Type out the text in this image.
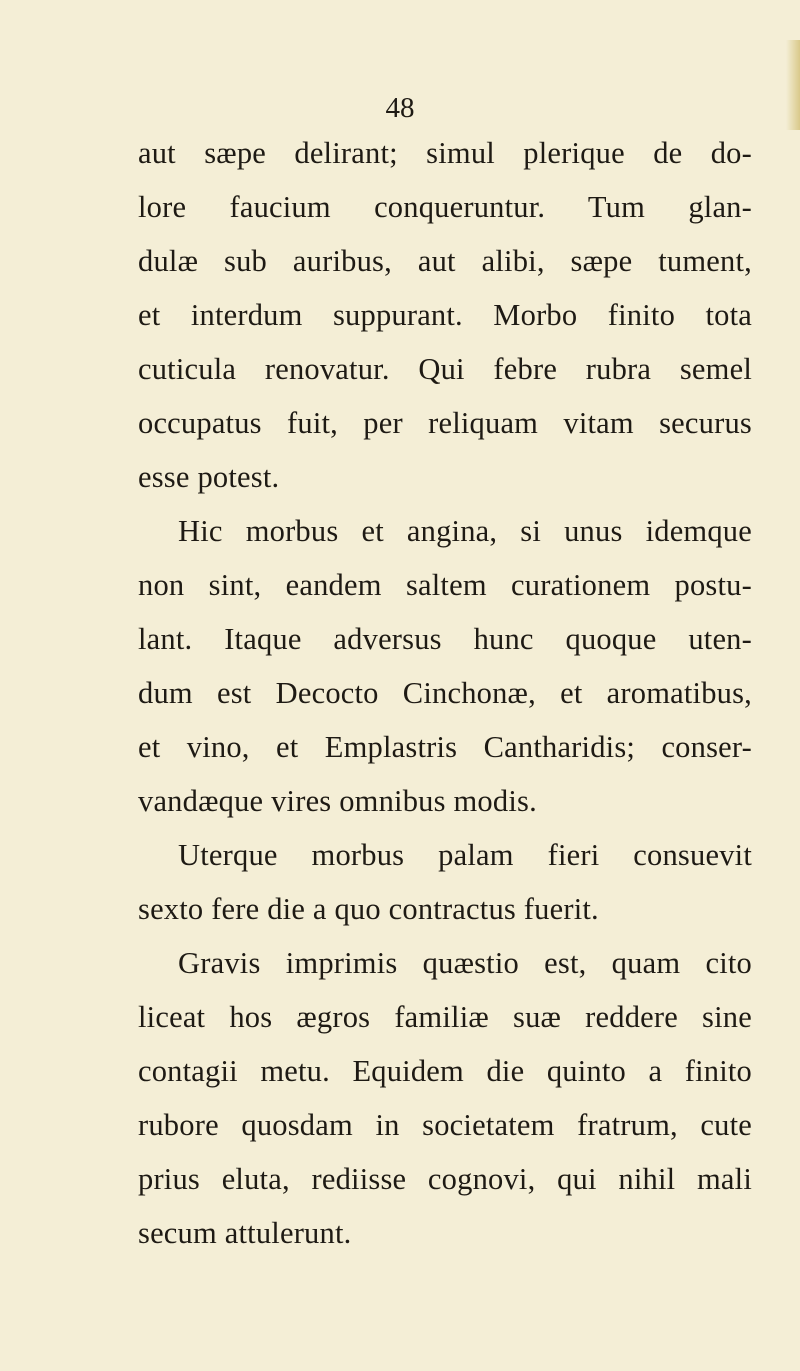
48
aut sæpe delirant; simul plerique de do-
lore faucium conqueruntur. Tum glan-
dulæ sub auribus, aut alibi, sæpe tument,
et interdum suppurant. Morbo finito tota
cuticula renovatur. Qui febre rubra semel
occupatus fuit, per reliquam vitam securus
esse potest.
Hic morbus et angina, si unus idemque
non sint, eandem saltem curationem postu-
lant. Itaque adversus hunc quoque uten-
dum est Decocto Cinchonæ, et aromatibus,
et vino, et Emplastris Cantharidis; conser-
vandæque vires omnibus modis.
Uterque morbus palam fieri consuevit
sexto fere die a quo contractus fuerit.
Gravis imprimis quæstio est, quam cito
liceat hos ægros familiæ suæ reddere sine
contagii metu. Equidem die quinto a finito
rubore quosdam in societatem fratrum, cute
prius eluta, rediisse cognovi, qui nihil mali
secum attulerunt.
